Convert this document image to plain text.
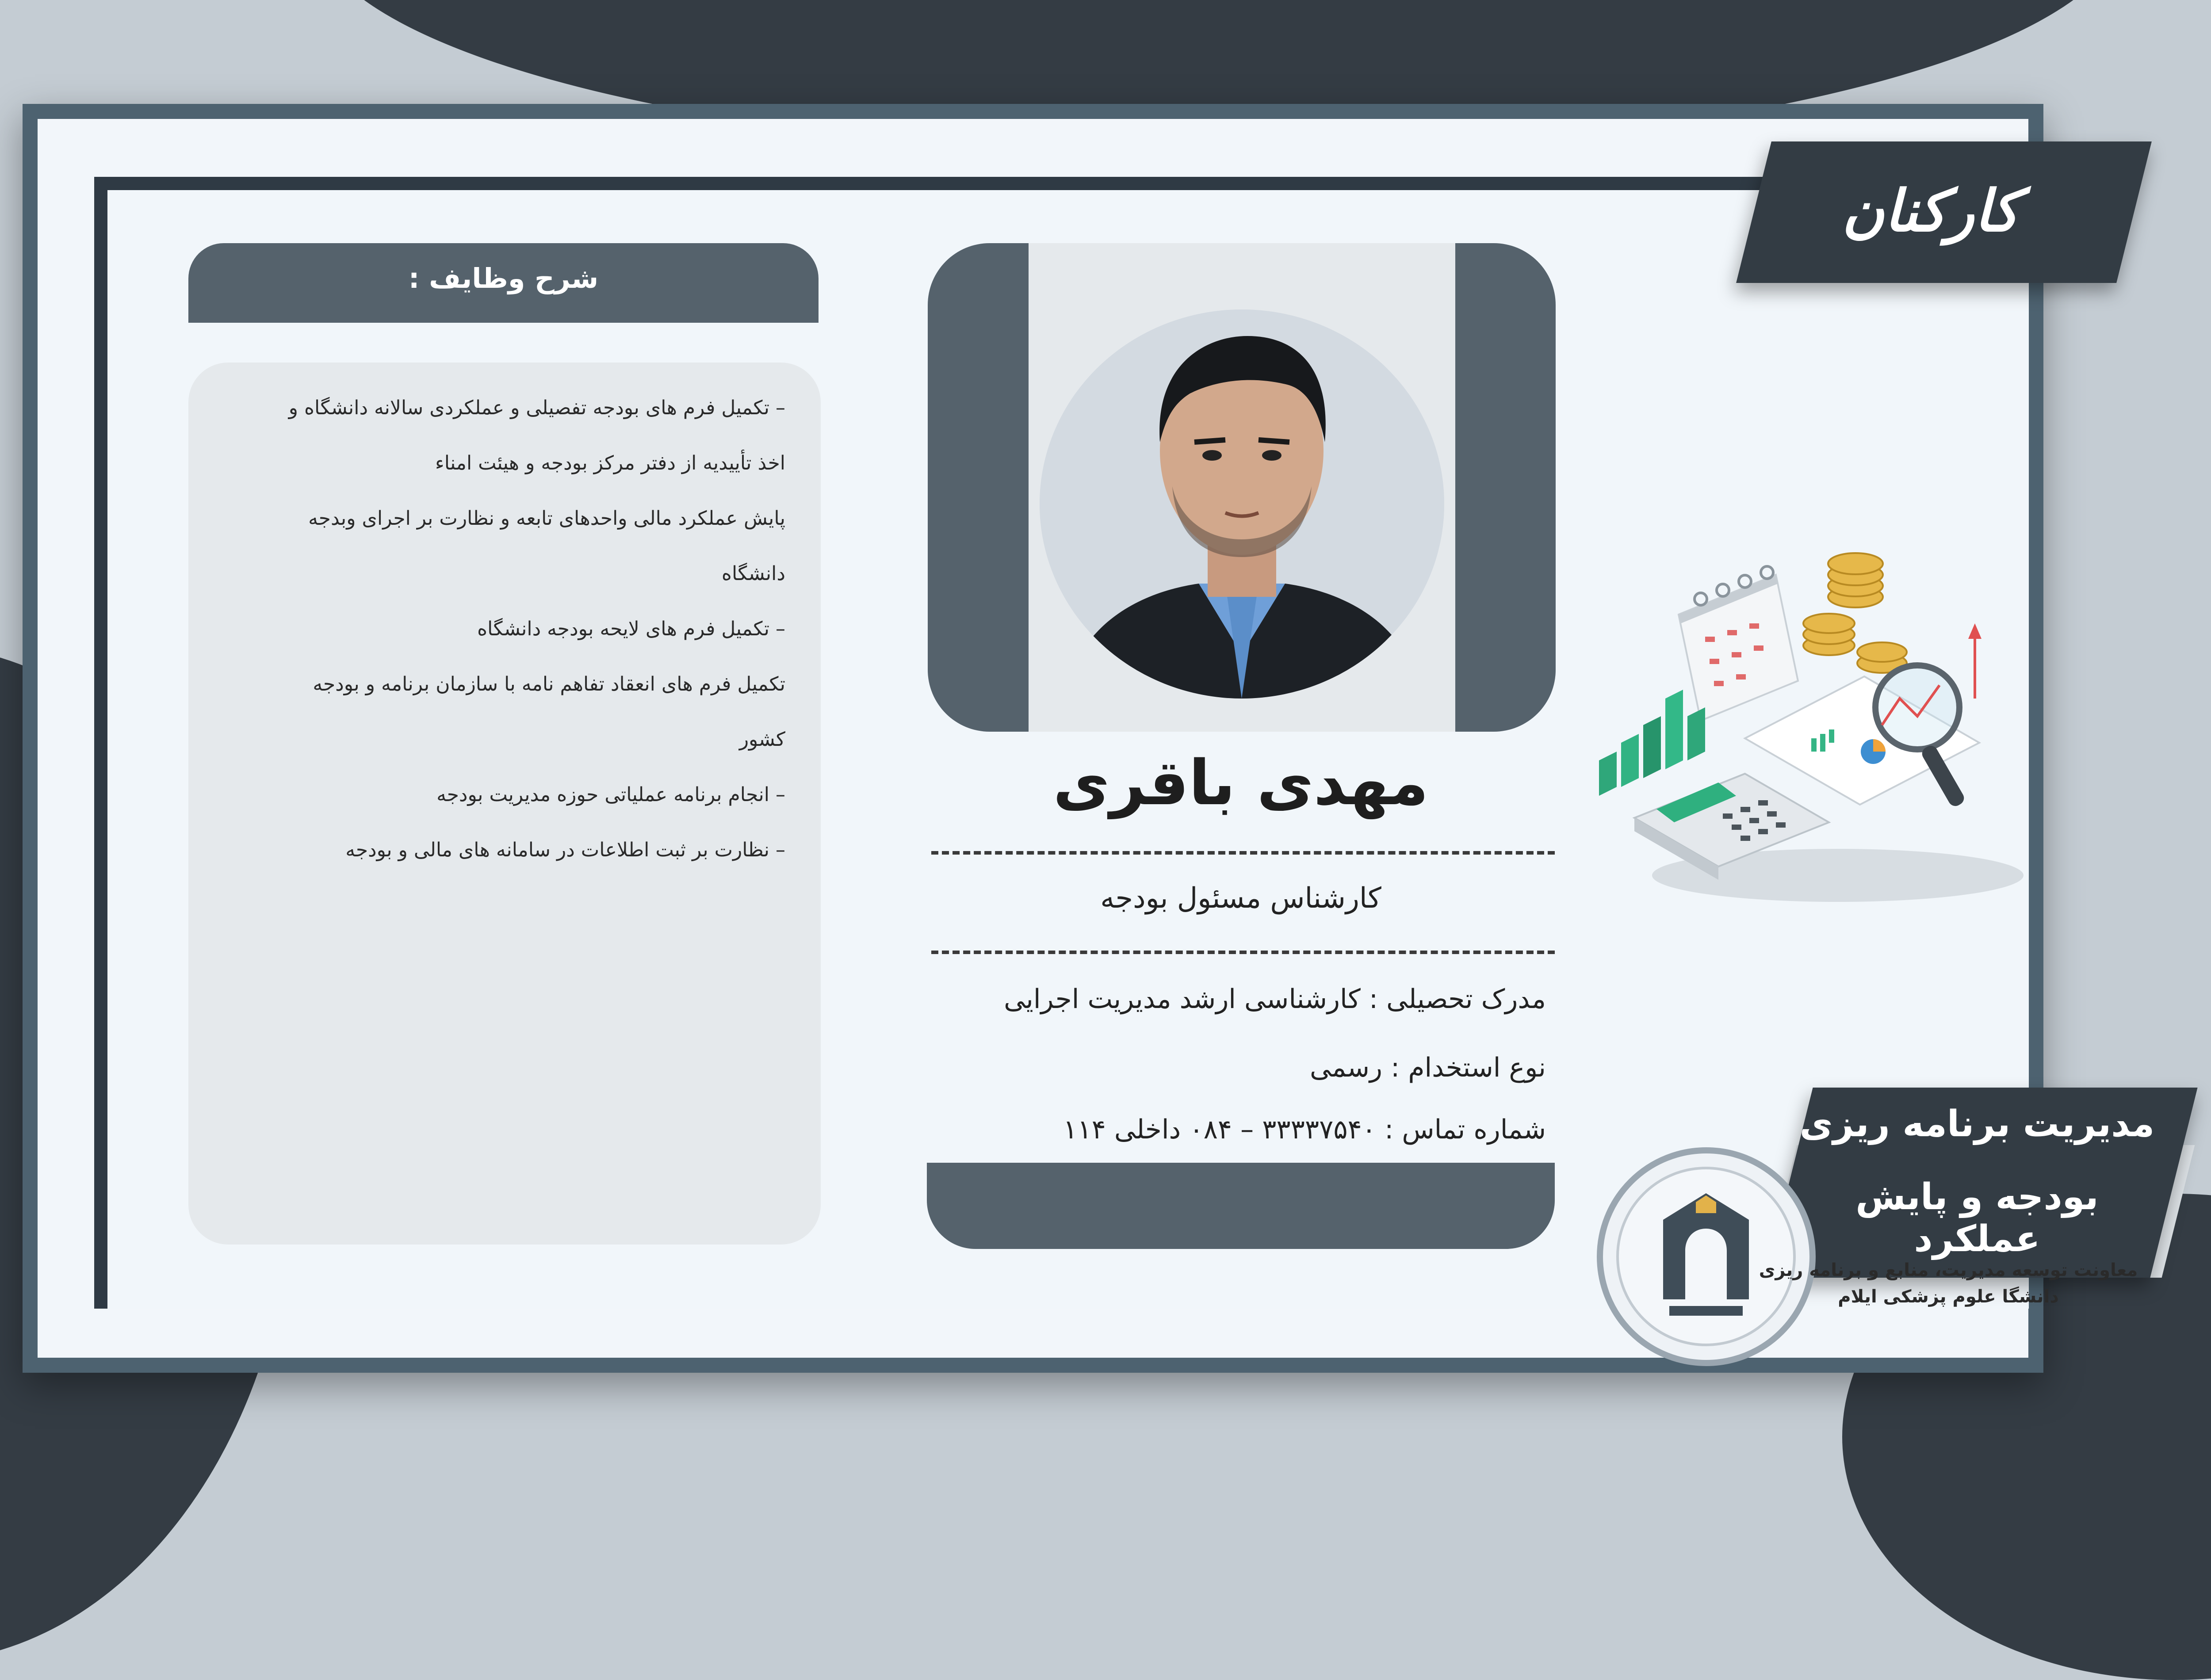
کارکنان
شرح وظایف :

– تکمیل فرم های بودجه تفصیلی و عملکردی سالانه دانشگاه و

اخذ تأییدیه از دفتر مرکز بودجه و هیئت امناء

پایش عملکرد مالی واحدهای تابعه و نظارت بر اجرای وبدجه

دانشگاه

– تکمیل فرم های لایحه بودجه دانشگاه

تکمیل فرم های انعقاد تفاهم نامه با سازمان برنامه و بودجه

کشور

– انجام برنامه عملیاتی حوزه مدیریت بودجه

– نظارت بر ثبت اطلاعات در سامانه های مالی و بودجه

مهدی باقری
کارشناس مسئول بودجه
مدرک تحصیلی : کارشناسی ارشد مدیریت اجرایی
نوع استخدام : رسمی
شماره تماس : ۳۳۳۳۷۵۴۰ – ۰۸۴ داخلی ۱۱۴	مدیریت برنامه ریزی
بودجه و پایش عملکرد
معاونت توسعه مدیریت، منابع و برنامه ریزی
دانشگا علوم پزشکی ایلام
